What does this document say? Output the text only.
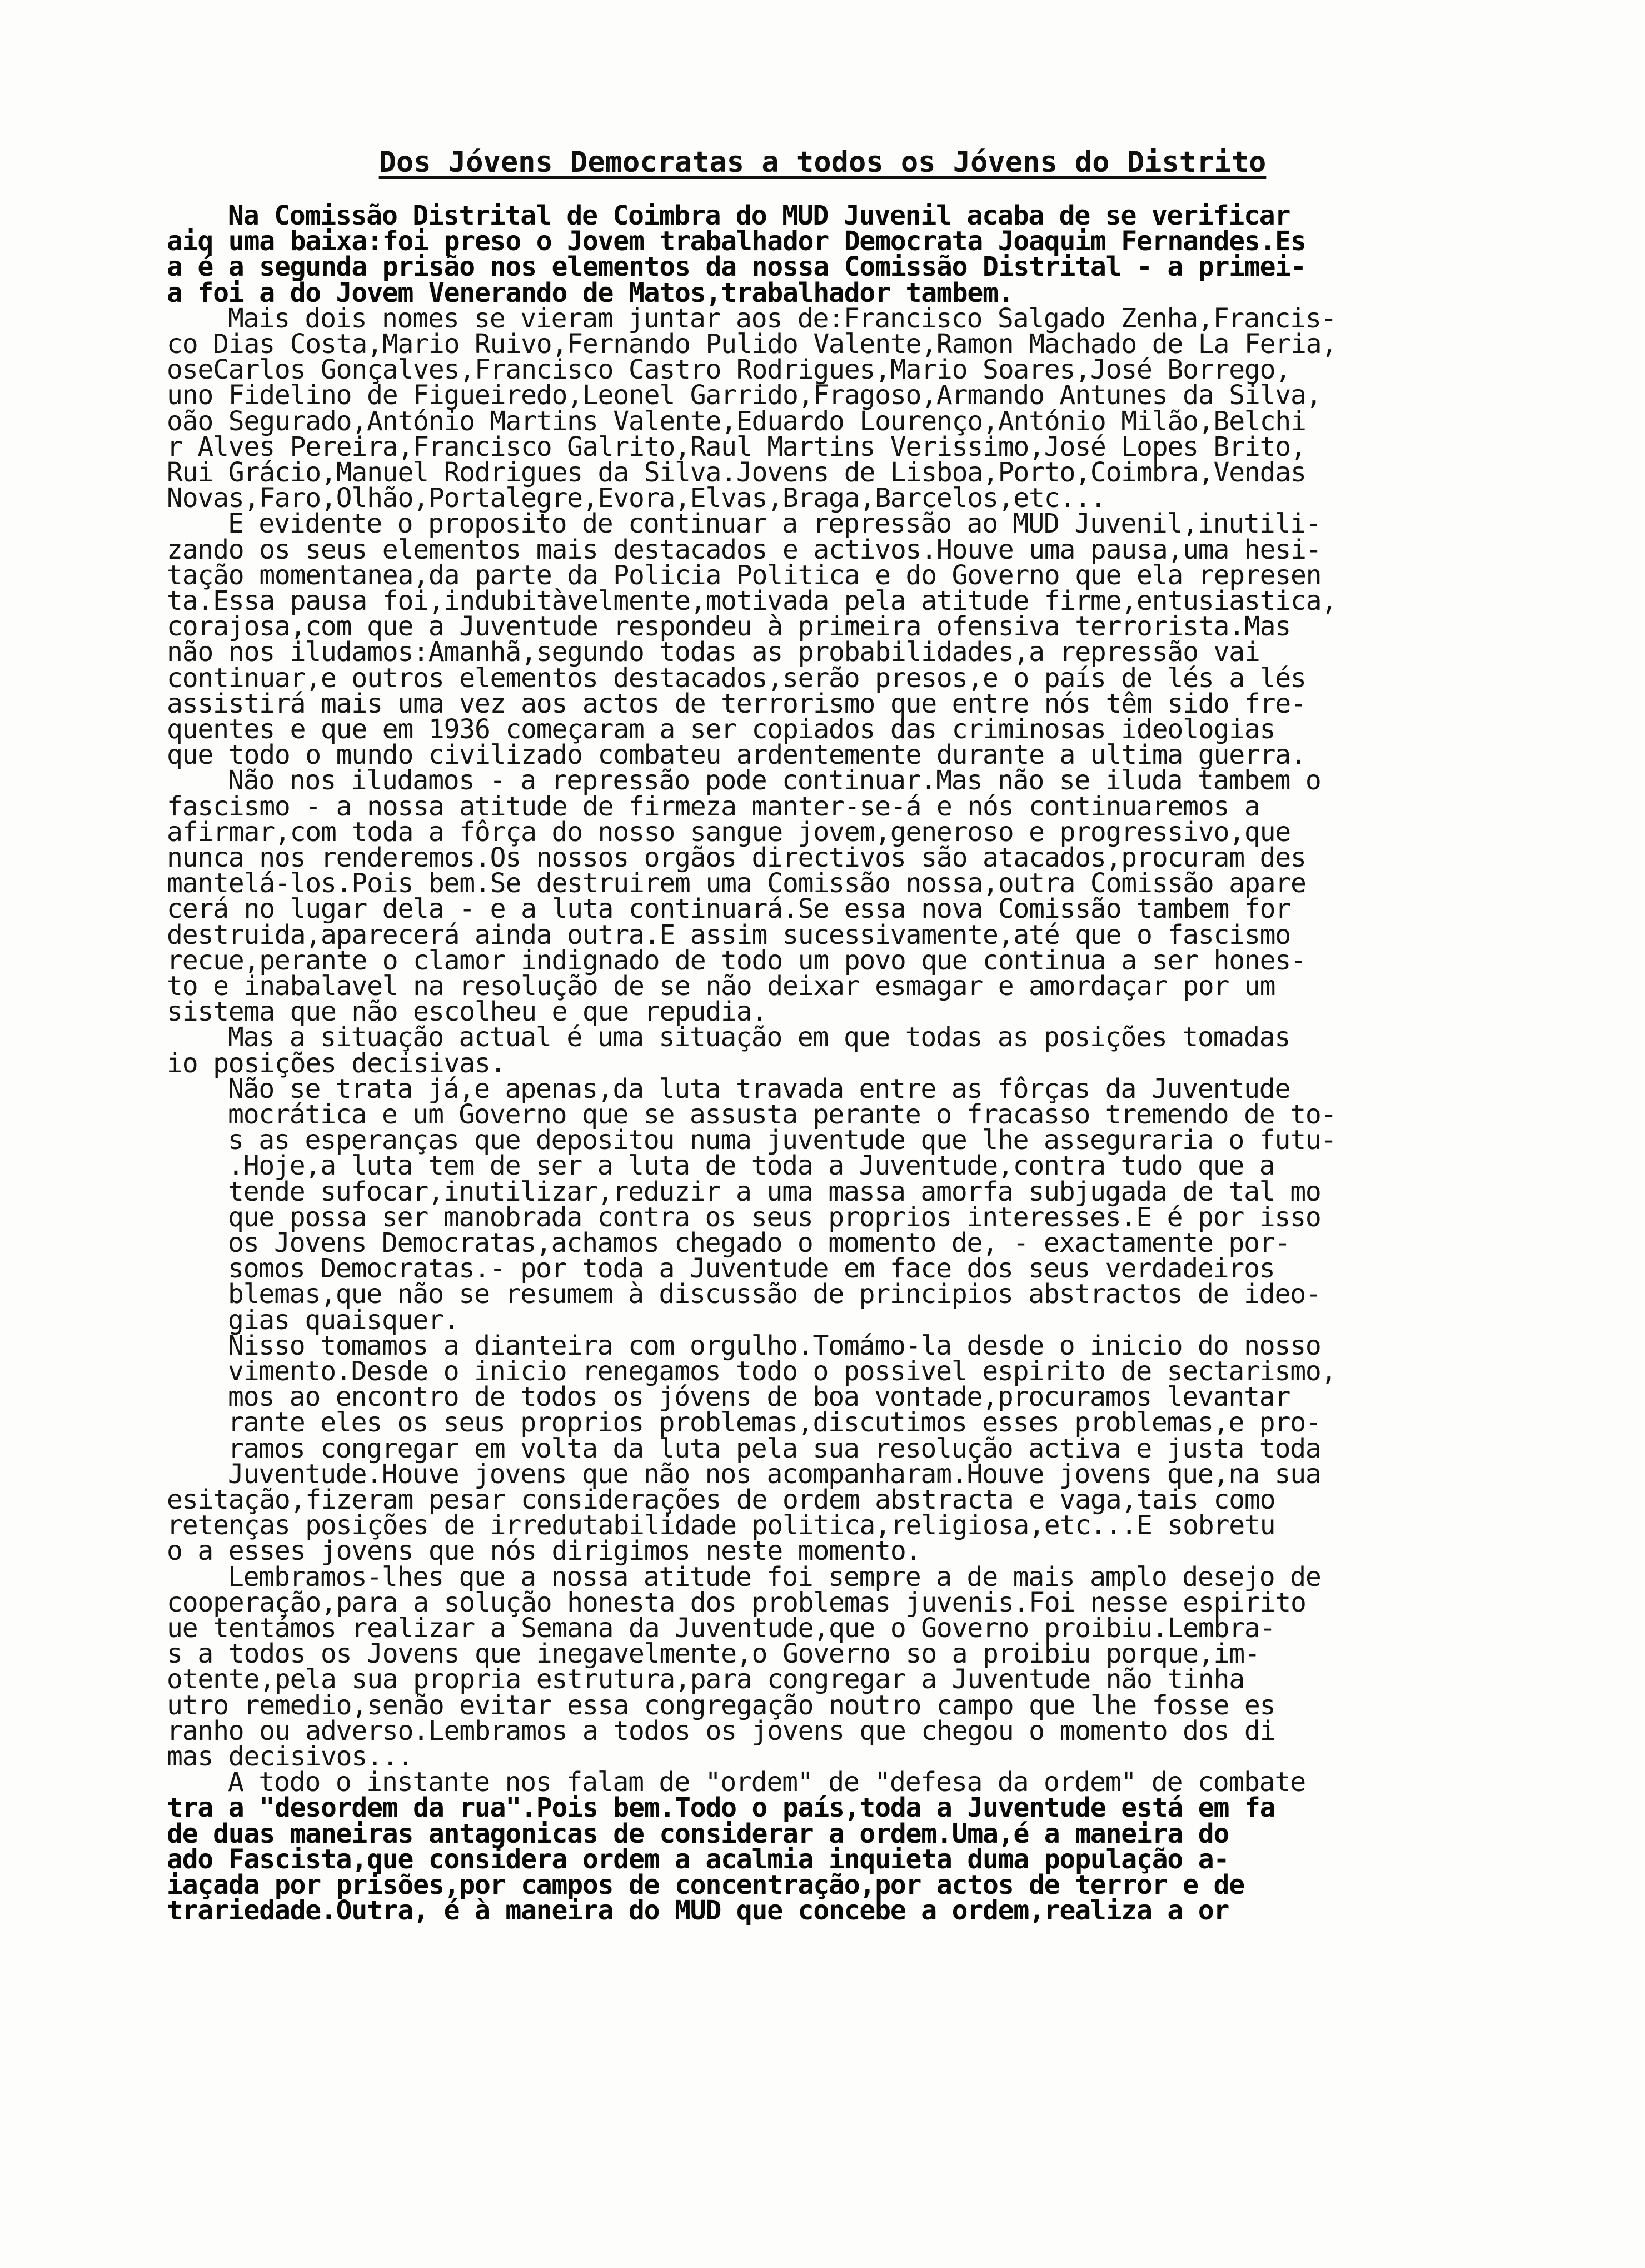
Dos Jóvens Democratas a todos os Jóvens do Distrito
Na Comissão Distrital de Coimbra do MUD Juvenil acaba de se verificar
aiq uma baixa:foi preso o Jovem trabalhador Democrata Joaquim Fernandes.Es
a é a segunda prisão nos elementos da nossa Comissão Distrital - a primei-
a foi a do Jovem Venerando de Matos,trabalhador tambem.
Mais dois nomes se vieram juntar aos de:Francisco Salgado Zenha,Francis-
co Dias Costa,Mario Ruivo,Fernando Pulido Valente,Ramon Machado de La Feria,
oseCarlos Gonçalves,Francisco Castro Rodrigues,Mario Soares,José Borrego,
uno Fidelino de Figueiredo,Leonel Garrido,Fragoso,Armando Antunes da Silva,
oão Segurado,António Martins Valente,Eduardo Lourenço,António Milão,Belchi
r Alves Pereira,Francisco Galrito,Raul Martins Verissimo,José Lopes Brito,
Rui Grácio,Manuel Rodrigues da Silva.Jovens de Lisboa,Porto,Coimbra,Vendas
Novas,Faro,Olhão,Portalegre,Evora,Elvas,Braga,Barcelos,etc...
E evidente o proposito de continuar a repressão ao MUD Juvenil,inutili-
zando os seus elementos mais destacados e activos.Houve uma pausa,uma hesi-
tação momentanea,da parte da Policia Politica e do Governo que ela represen
ta.Essa pausa foi,indubitàvelmente,motivada pela atitude firme,entusiastica,
corajosa,com que a Juventude respondeu à primeira ofensiva terrorista.Mas
não nos iludamos:Amanhã,segundo todas as probabilidades,a repressão vai
continuar,e outros elementos destacados,serão presos,e o país de lés a lés
assistirá mais uma vez aos actos de terrorismo que entre nós têm sido fre-
quentes e que em 1936 começaram a ser copiados das criminosas ideologias
que todo o mundo civilizado combateu ardentemente durante a ultima guerra.
Não nos iludamos - a repressão pode continuar.Mas não se iluda tambem o
fascismo - a nossa atitude de firmeza manter-se-á e nós continuaremos a
afirmar,com toda a fôrça do nosso sangue jovem,generoso e progressivo,que
nunca nos renderemos.Os nossos orgãos directivos são atacados,procuram des
mantelá-los.Pois bem.Se destruirem uma Comissão nossa,outra Comissão apare
cerá no lugar dela - e a luta continuará.Se essa nova Comissão tambem for
destruida,aparecerá ainda outra.E assim sucessivamente,até que o fascismo
recue,perante o clamor indignado de todo um povo que continua a ser hones-
to e inabalavel na resolução de se não deixar esmagar e amordaçar por um
sistema que não escolheu e que repudia.
Mas a situação actual é uma situação em que todas as posições tomadas
io posições decisivas.
Não se trata já,e apenas,da luta travada entre as fôrças da Juventude
mocrática e um Governo que se assusta perante o fracasso tremendo de to-
s as esperanças que depositou numa juventude que lhe asseguraria o futu-
.Hoje,a luta tem de ser a luta de toda a Juventude,contra tudo que a
tende sufocar,inutilizar,reduzir a uma massa amorfa subjugada de tal mo
que possa ser manobrada contra os seus proprios interesses.E é por isso
os Jovens Democratas,achamos chegado o momento de, - exactamente por-
somos Democratas.- por toda a Juventude em face dos seus verdadeiros
blemas,que não se resumem à discussão de principios abstractos de ideo-
gias quaisquer.
Nisso tomamos a dianteira com orgulho.Tomámo-la desde o inicio do nosso
vimento.Desde o inicio renegamos todo o possivel espirito de sectarismo,
mos ao encontro de todos os jóvens de boa vontade,procuramos levantar
rante eles os seus proprios problemas,discutimos esses problemas,e pro-
ramos congregar em volta da luta pela sua resolução activa e justa toda
Juventude.Houve jovens que não nos acompanharam.Houve jovens que,na sua
esitação,fizeram pesar considerações de ordem abstracta e vaga,tais como
retenças posições de irredutabilidade politica,religiosa,etc...E sobretu
o a esses jovens que nós dirigimos neste momento.
Lembramos-lhes que a nossa atitude foi sempre a de mais amplo desejo de
cooperação,para a solução honesta dos problemas juvenis.Foi nesse espirito
ue tentámos realizar a Semana da Juventude,que o Governo proibiu.Lembra-
s a todos os Jovens que inegavelmente,o Governo so a proibiu porque,im-
otente,pela sua propria estrutura,para congregar a Juventude não tinha
utro remedio,senão evitar essa congregação noutro campo que lhe fosse es
ranho ou adverso.Lembramos a todos os jovens que chegou o momento dos di
mas decisivos...
A todo o instante nos falam de "ordem" de "defesa da ordem" de combate
tra a "desordem da rua".Pois bem.Todo o país,toda a Juventude está em fa
de duas maneiras antagonicas de considerar a ordem.Uma,é a maneira do
ado Fascista,que considera ordem a acalmia inquieta duma população a-
iaçada por prisões,por campos de concentração,por actos de terror e de
trariedade.Outra, é à maneira do MUD que concebe a ordem,realiza a or
